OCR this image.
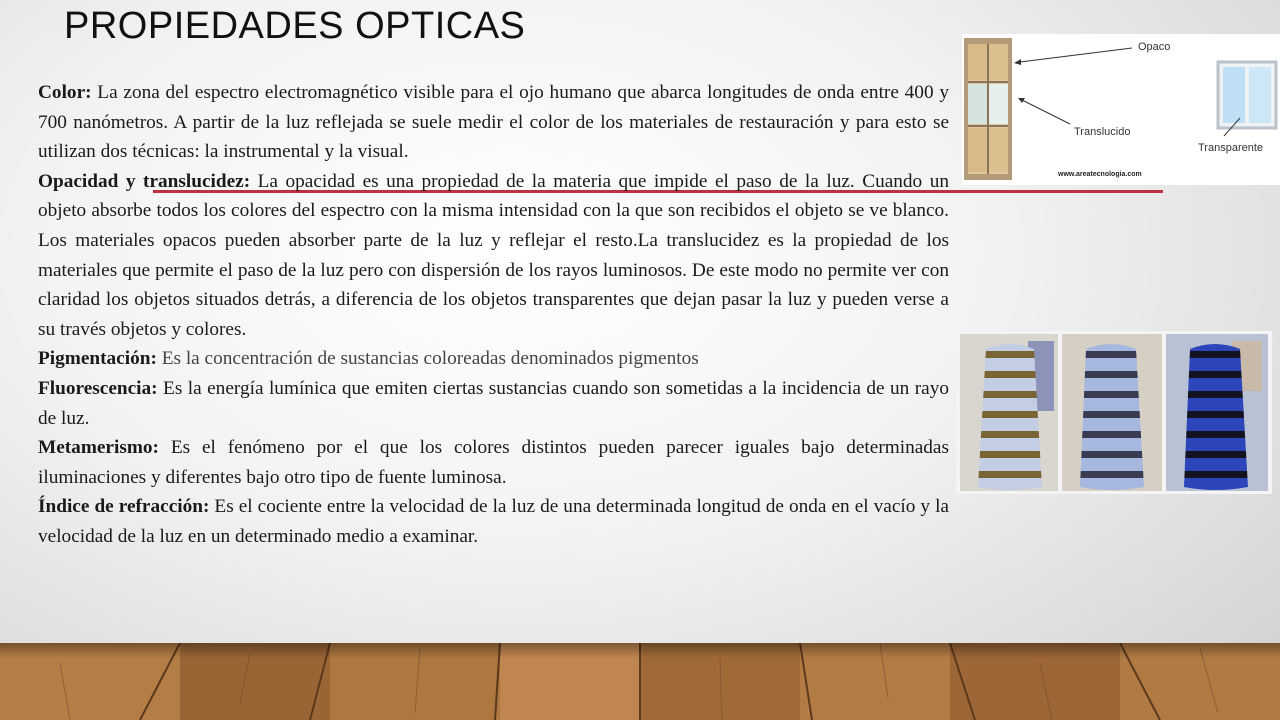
PROPIEDADES OPTICAS

Color: La zona del espectro electromagnético visible para el ojo humano que abarca longitudes de onda entre 400 y 700 nanómetros. A partir de la luz reflejada se suele medir el color de los materiales de restauración y para esto se utilizan dos técnicas: la instrumental y la visual.

Opacidad y translucidez: La opacidad es una propiedad de la materia que impide el paso de la luz. Cuando un objeto absorbe todos los colores del espectro con la misma intensidad con la que son recibidos el objeto se ve blanco. Los materiales opacos pueden absorber parte de la luz y reflejar el resto.La translucidez es la propiedad de los materiales que permite el paso de la luz pero con dispersión de los rayos luminosos. De este modo no permite ver con claridad los objetos situados detrás, a diferencia de los objetos transparentes que dejan pasar la luz y pueden verse a su través objetos y colores.

Pigmentación: Es la concentración de sustancias coloreadas denominados pigmentos

Fluorescencia: Es la energía lumínica que emiten ciertas sustancias cuando son sometidas a la incidencia de un rayo de luz.

Metamerismo: Es el fenómeno por el que los colores distintos pueden parecer iguales bajo determinadas iluminaciones y diferentes bajo otro tipo de fuente luminosa.

Índice de refracción: Es el cociente entre la velocidad de la luz de una determinada longitud de onda en el vacío y la velocidad de la luz en un determinado medio a examinar.

Opaco
Translucido
Transparente
www.areatecnologia.com
